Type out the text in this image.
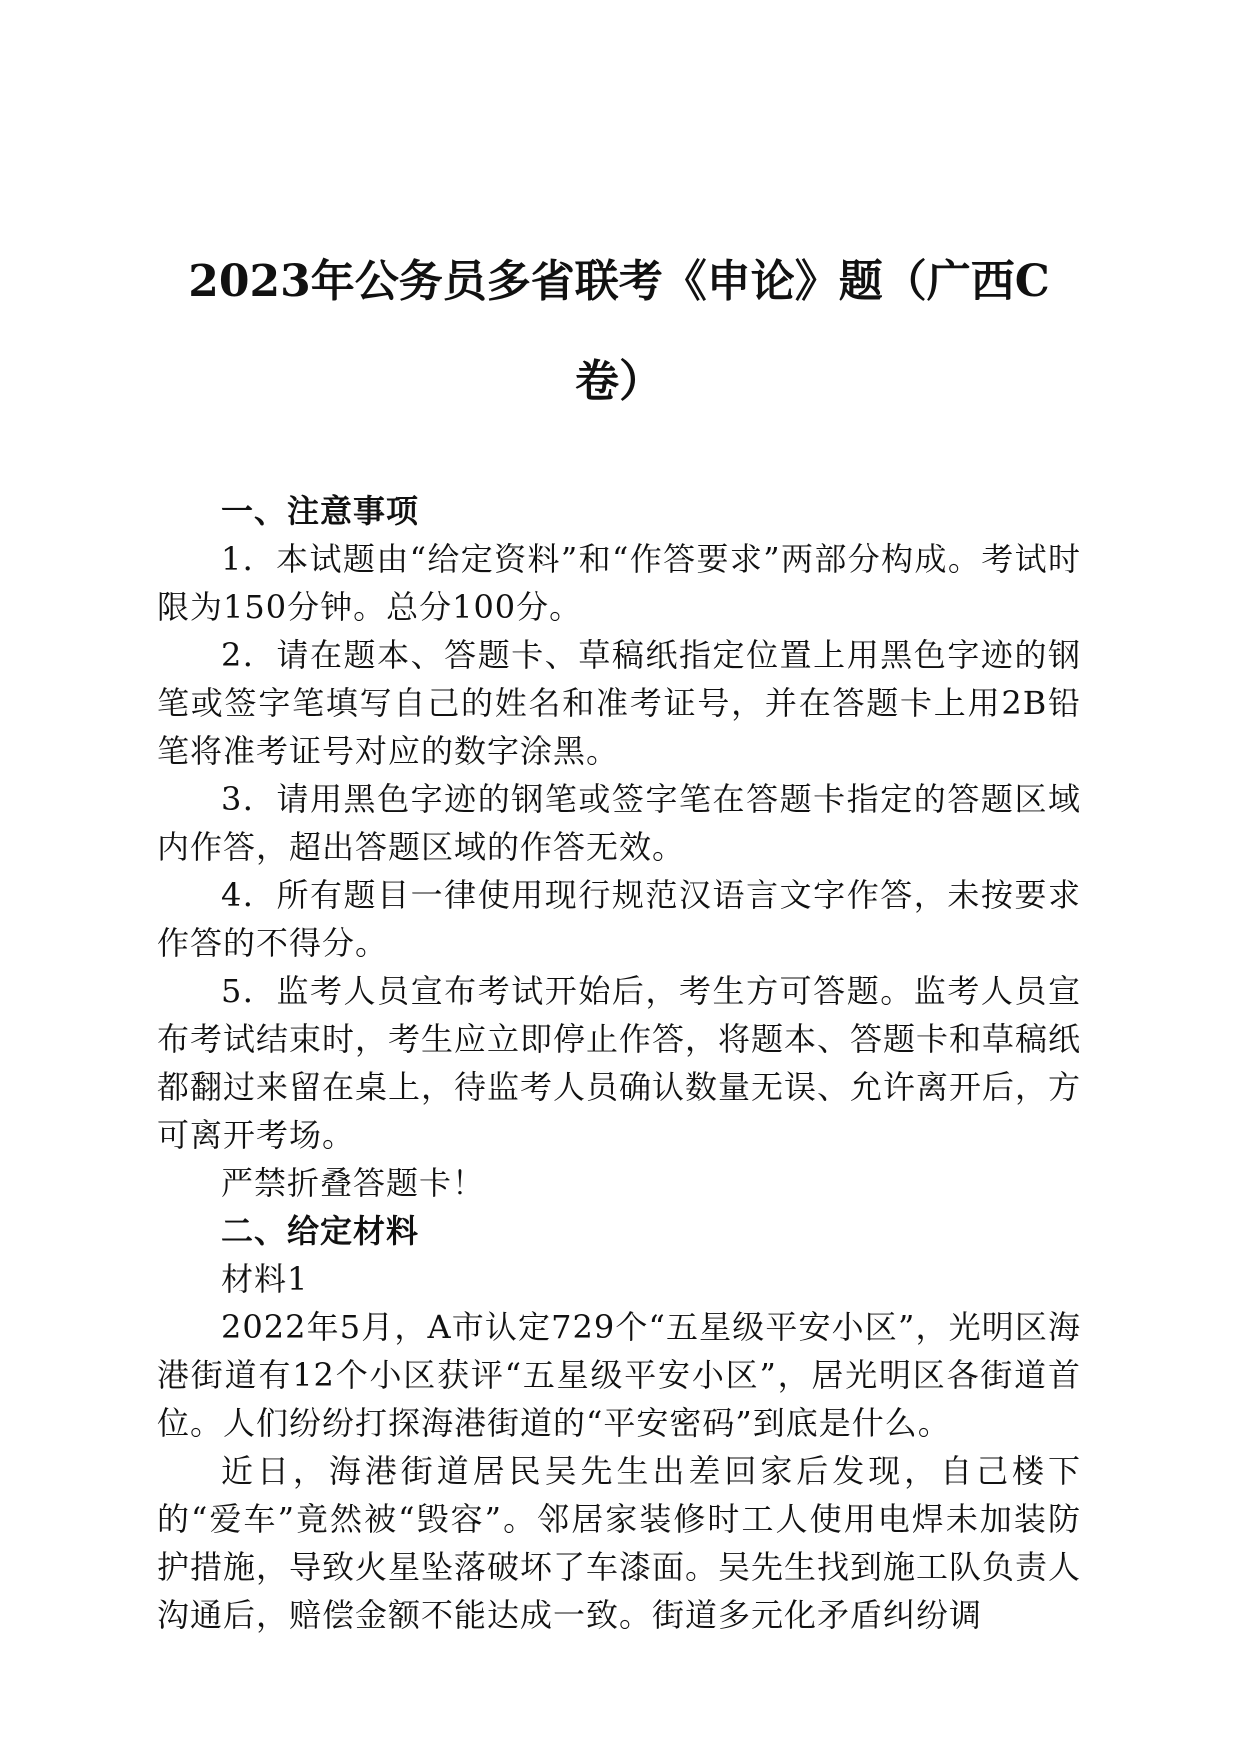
2023年公务员多省联考《申论》题（广西C
卷）
一、注意事项

1．本试题由“给定资料”和“作答要求”两部分构成。考试时限为150分钟。总分100分。

2．请在题本、答题卡、草稿纸指定位置上用黑色字迹的钢笔或签字笔填写自己的姓名和准考证号，并在答题卡上用2B铅笔将准考证号对应的数字涂黑。

3．请用黑色字迹的钢笔或签字笔在答题卡指定的答题区域内作答，超出答题区域的作答无效。

4．所有题目一律使用现行规范汉语言文字作答，未按要求作答的不得分。

5．监考人员宣布考试开始后，考生方可答题。监考人员宣布考试结束时，考生应立即停止作答，将题本、答题卡和草稿纸都翻过来留在桌上，待监考人员确认数量无误、允许离开后，方可离开考场。

严禁折叠答题卡！

二、给定材料

材料1

2022年5月，A市认定729个“五星级平安小区”，光明区海港街道有12个小区获评“五星级平安小区”，居光明区各街道首位。人们纷纷打探海港街道的“平安密码”到底是什么。

近日，海港街道居民吴先生出差回家后发现，自己楼下的“爱车”竟然被“毁容”。邻居家装修时工人使用电焊未加装防护措施，导致火星坠落破坏了车漆面。吴先生找到施工队负责人沟通后，赔偿金额不能达成一致。街道多元化矛盾纠纷调
